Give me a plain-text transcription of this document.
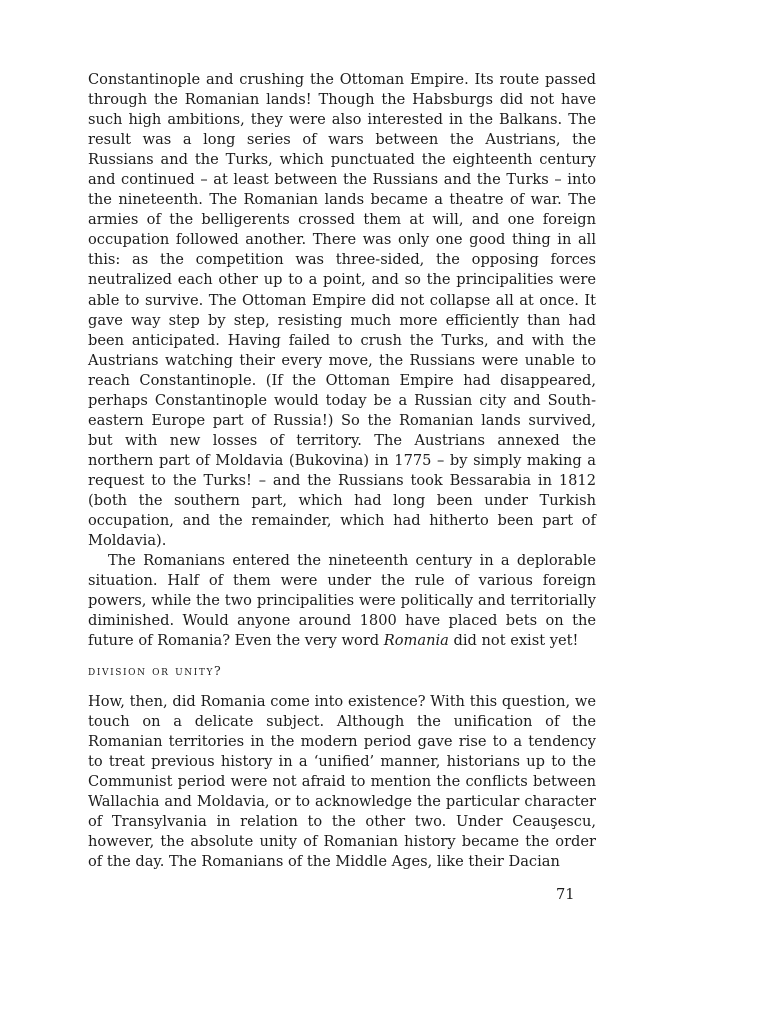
Constantinople and crushing the Ottoman Empire. Its route passed through the Romanian lands! Though the Habsburgs did not have such high ambitions, they were also interested in the Balkans. The result was a long series of wars between the Austrians, the Russians and the Turks, which punctuated the eighteenth century and continued – at least between the Russians and the Turks – into the nineteenth. The Romanian lands became a theatre of war. The armies of the belligerents crossed them at will, and one foreign occupation followed another. There was only one good thing in all this: as the competition was three-sided, the opposing forces neutralized each other up to a point, and so the principalities were able to survive. The Ottoman Empire did not collapse all at once. It gave way step by step, resisting much more efficiently than had been anticipated. Having failed to crush the Turks, and with the Austrians watching their every move, the Russians were unable to reach Constantinople. (If the Ottoman Empire had disappeared, perhaps Constantinople would today be a Russian city and South-eastern Europe part of Russia!) So the Romanian lands survived, but with new losses of territory. The Austrians annexed the northern part of Moldavia (Bukovina) in 1775 – by simply making a request to the Turks! – and the Russians took Bessarabia in 1812 (both the southern part, which had long been under Turkish occupation, and the remainder, which had hitherto been part of Moldavia).

The Romanians entered the nineteenth century in a deplorable situation. Half of them were under the rule of various foreign powers, while the two principalities were politically and territorially diminished. Would anyone around 1800 have placed bets on the future of Romania? Even the very word Romania did not exist yet!

division or unity?

How, then, did Romania come into existence? With this question, we touch on a delicate subject. Although the unification of the Romanian territories in the modern period gave rise to a tendency to treat previous history in a ‘unified’ manner, historians up to the Communist period were not afraid to mention the conflicts between Wallachia and Moldavia, or to acknowledge the particular character of Transylvania in relation to the other two. Under Ceauşescu, however, the absolute unity of Romanian history became the order of the day. The Romanians of the Middle Ages, like their Dacian

71
